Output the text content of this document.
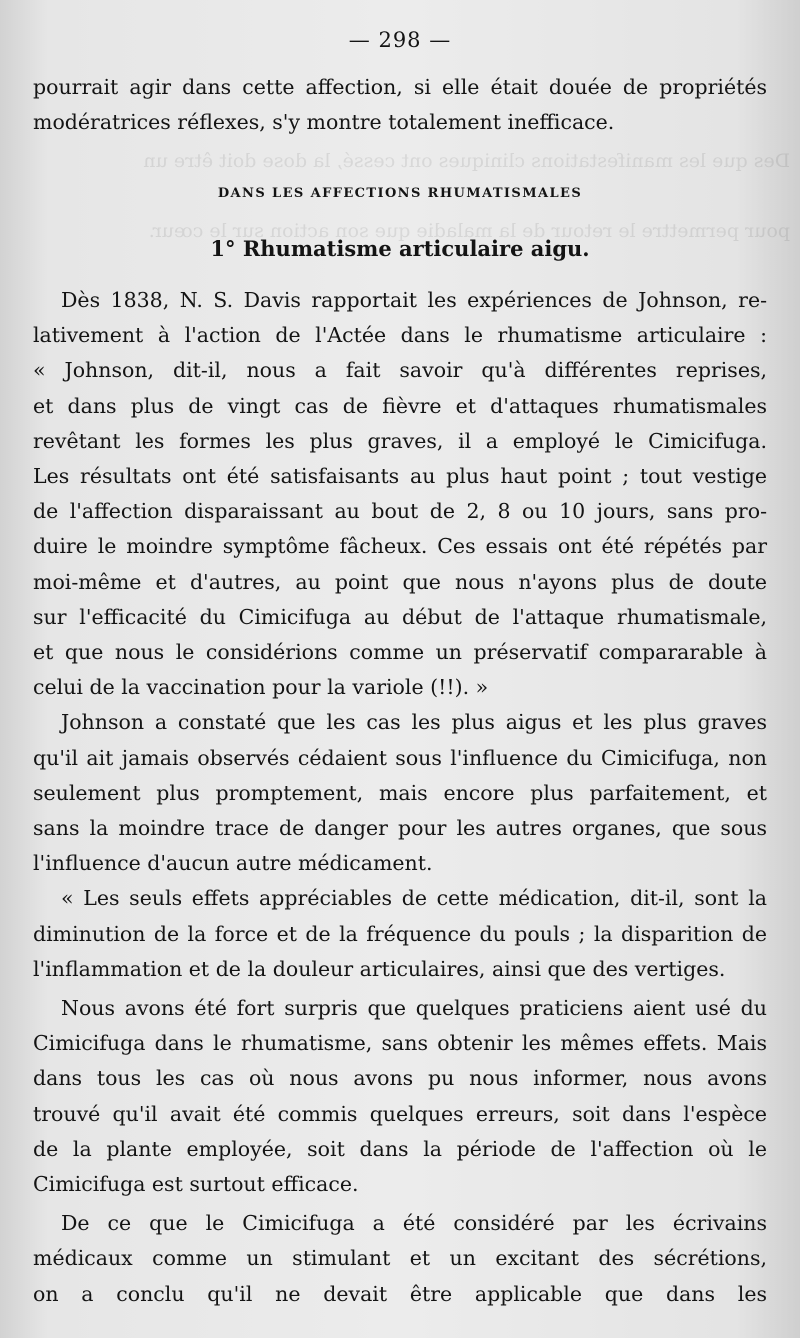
Des que les manifestations cliniques ont cessé, la dose doit être un
pour permettre le retour de la maladie que son action sur le cœur.
— 298 —

pourrait agir dans cette affection, si elle était douée de propriétés

modératrices réflexes, s'y montre totalement inefficace.

DANS LES AFFECTIONS RHUMATISMALES
1° Rhumatisme articulaire aigu.

Dès 1838, N. S. Davis rapportait les expériences de Johnson, re-

lativement à l'action de l'Actée dans le rhumatisme articulaire :

« Johnson, dit-il, nous a fait savoir qu'à différentes reprises,

et dans plus de vingt cas de fièvre et d'attaques rhumatismales

revêtant les formes les plus graves, il a employé le Cimicifuga.

Les résultats ont été satisfaisants au plus haut point ; tout vestige

de l'affection disparaissant au bout de 2, 8 ou 10 jours, sans pro-

duire le moindre symptôme fâcheux. Ces essais ont été répétés par

moi-même et d'autres, au point que nous n'ayons plus de doute

sur l'efficacité du Cimicifuga au début de l'attaque rhumatismale,

et que nous le considérions comme un préservatif compararable à

celui de la vaccination pour la variole (!!). »

Johnson a constaté que les cas les plus aigus et les plus graves

qu'il ait jamais observés cédaient sous l'influence du Cimicifuga, non

seulement plus promptement, mais encore plus parfaitement, et

sans la moindre trace de danger pour les autres organes, que sous

l'influence d'aucun autre médicament.

« Les seuls effets appréciables de cette médication, dit-il, sont la

diminution de la force et de la fréquence du pouls ; la disparition de

l'inflammation et de la douleur articulaires, ainsi que des vertiges.

Nous avons été fort surpris que quelques praticiens aient usé du

Cimicifuga dans le rhumatisme, sans obtenir les mêmes effets. Mais

dans tous les cas où nous avons pu nous informer, nous avons

trouvé qu'il avait été commis quelques erreurs, soit dans l'espèce

de la plante employée, soit dans la période de l'affection où le

Cimicifuga est surtout efficace.

De ce que le Cimicifuga a été considéré par les écrivains

médicaux comme un stimulant et un excitant des sécrétions,

on a conclu qu'il ne devait être applicable que dans les
